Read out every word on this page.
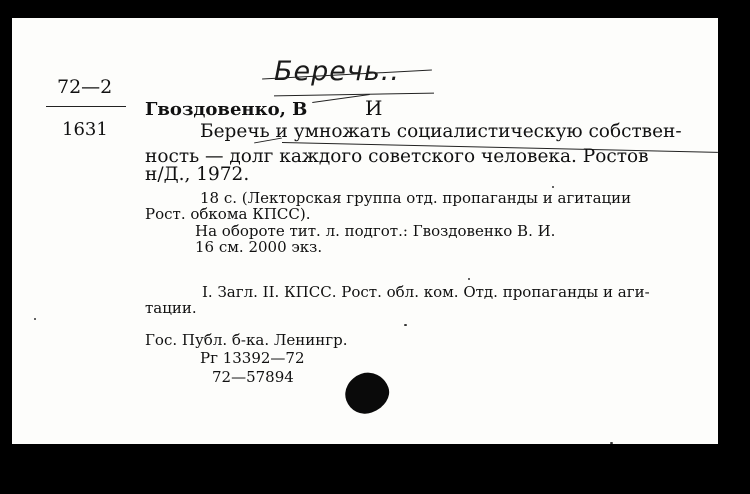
Беречь..
72—2
1631
Гвоздовенко, В	И
Беречь и умножать социалистическую собствен-
ность — долг каждого советского человека. Ростов
н/Д., 1972.
18 с. (Лекторская группа отд. пропаганды и агитации
Рост. обкома КПСС).
На обороте тит. л. подгот.: Гвоздовенко В. И.
16 см. 2000 экз.
I. Загл. II. КПСС. Рост. обл. ком. Отд. пропаганды и аги-
тации.
Гос. Публ. б-ка. Ленингр.
Рг 13392—72
72—57894
